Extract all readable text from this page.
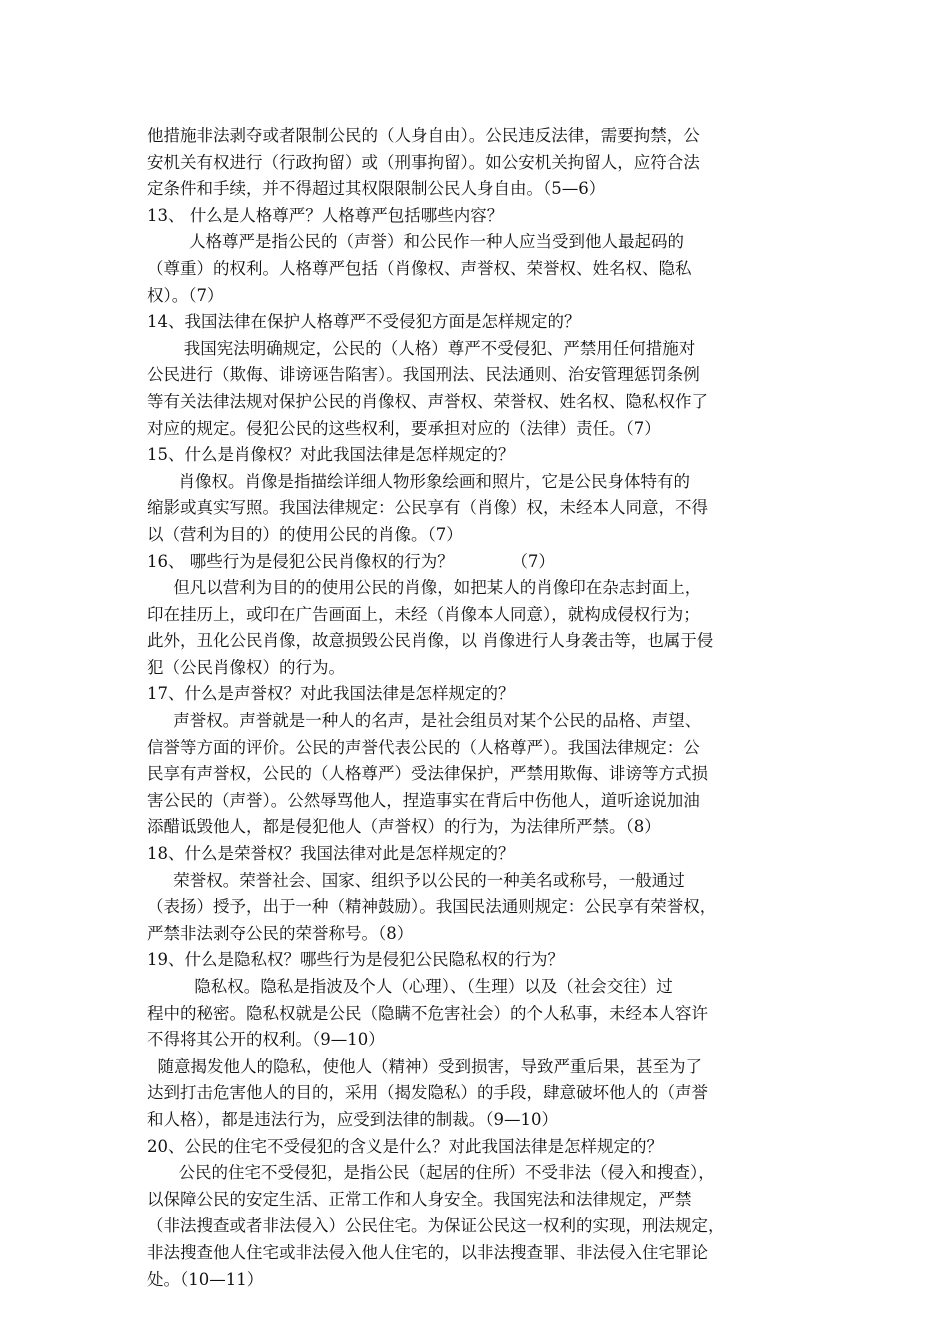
他措施非法剥夺或者限制公民的（人身自由）。公民违反法律，需要拘禁，公
安机关有权进行（行政拘留）或（刑事拘留）。如公安机关拘留人，应符合法
定条件和手续，并不得超过其权限限制公民人身自由。（5—6）
13、 什么是人格尊严？人格尊严包括哪些内容？
人格尊严是指公民的（声誉）和公民作一种人应当受到他人最起码的
（尊重）的权利。人格尊严包括（肖像权、声誉权、荣誉权、姓名权、隐私
权）。（7）
14、我国法律在保护人格尊严不受侵犯方面是怎样规定的？
我国宪法明确规定，公民的（人格）尊严不受侵犯、严禁用任何措施对
公民进行（欺侮、诽谤诬告陷害）。我国刑法、民法通则、治安管理惩罚条例
等有关法律法规对保护公民的肖像权、声誉权、荣誉权、姓名权、隐私权作了
对应的规定。侵犯公民的这些权利，要承担对应的（法律）责任。（7）
15、什么是肖像权？对此我国法律是怎样规定的？
肖像权。肖像是指描绘详细人物形象绘画和照片，它是公民身体特有的
缩影或真实写照。我国法律规定：公民享有（肖像）权，未经本人同意，不得
以（营利为目的）的使用公民的肖像。（7）
16、 哪些行为是侵犯公民肖像权的行为？           （7）
但凡以营利为目的的使用公民的肖像，如把某人的肖像印在杂志封面上，
印在挂历上，或印在广告画面上，未经（肖像本人同意），就构成侵权行为；
此外，丑化公民肖像，故意损毁公民肖像，以 肖像进行人身袭击等，也属于侵
犯（公民肖像权）的行为。
17、什么是声誉权？对此我国法律是怎样规定的？
声誉权。声誉就是一种人的名声，是社会组员对某个公民的品格、声望、
信誉等方面的评价。公民的声誉代表公民的（人格尊严）。我国法律规定：公
民享有声誉权，公民的（人格尊严）受法律保护，严禁用欺侮、诽谤等方式损
害公民的（声誉）。公然辱骂他人，捏造事实在背后中伤他人，道听途说加油
添醋诋毁他人，都是侵犯他人（声誉权）的行为，为法律所严禁。（8）
18、什么是荣誉权？我国法律对此是怎样规定的？
荣誉权。荣誉社会、国家、组织予以公民的一种美名或称号，一般通过
（表扬）授予，出于一种（精神鼓励）。我国民法通则规定：公民享有荣誉权，
严禁非法剥夺公民的荣誉称号。（8）
19、什么是隐私权？哪些行为是侵犯公民隐私权的行为？
隐私权。隐私是指波及个人（心理）、（生理）以及（社会交往）过
程中的秘密。隐私权就是公民（隐瞒不危害社会）的个人私事，未经本人容许
不得将其公开的权利。（9—10）
随意揭发他人的隐私，使他人（精神）受到损害，导致严重后果，甚至为了
达到打击危害他人的目的，采用（揭发隐私）的手段，肆意破坏他人的（声誉
和人格），都是违法行为，应受到法律的制裁。（9—10）
20、公民的住宅不受侵犯的含义是什么？对此我国法律是怎样规定的？
公民的住宅不受侵犯，是指公民（起居的住所）不受非法（侵入和搜查），
以保障公民的安定生活、正常工作和人身安全。我国宪法和法律规定，严禁
（非法搜查或者非法侵入）公民住宅。为保证公民这一权利的实现，刑法规定，
非法搜查他人住宅或非法侵入他人住宅的，以非法搜查罪、非法侵入住宅罪论
处。（10—11）
